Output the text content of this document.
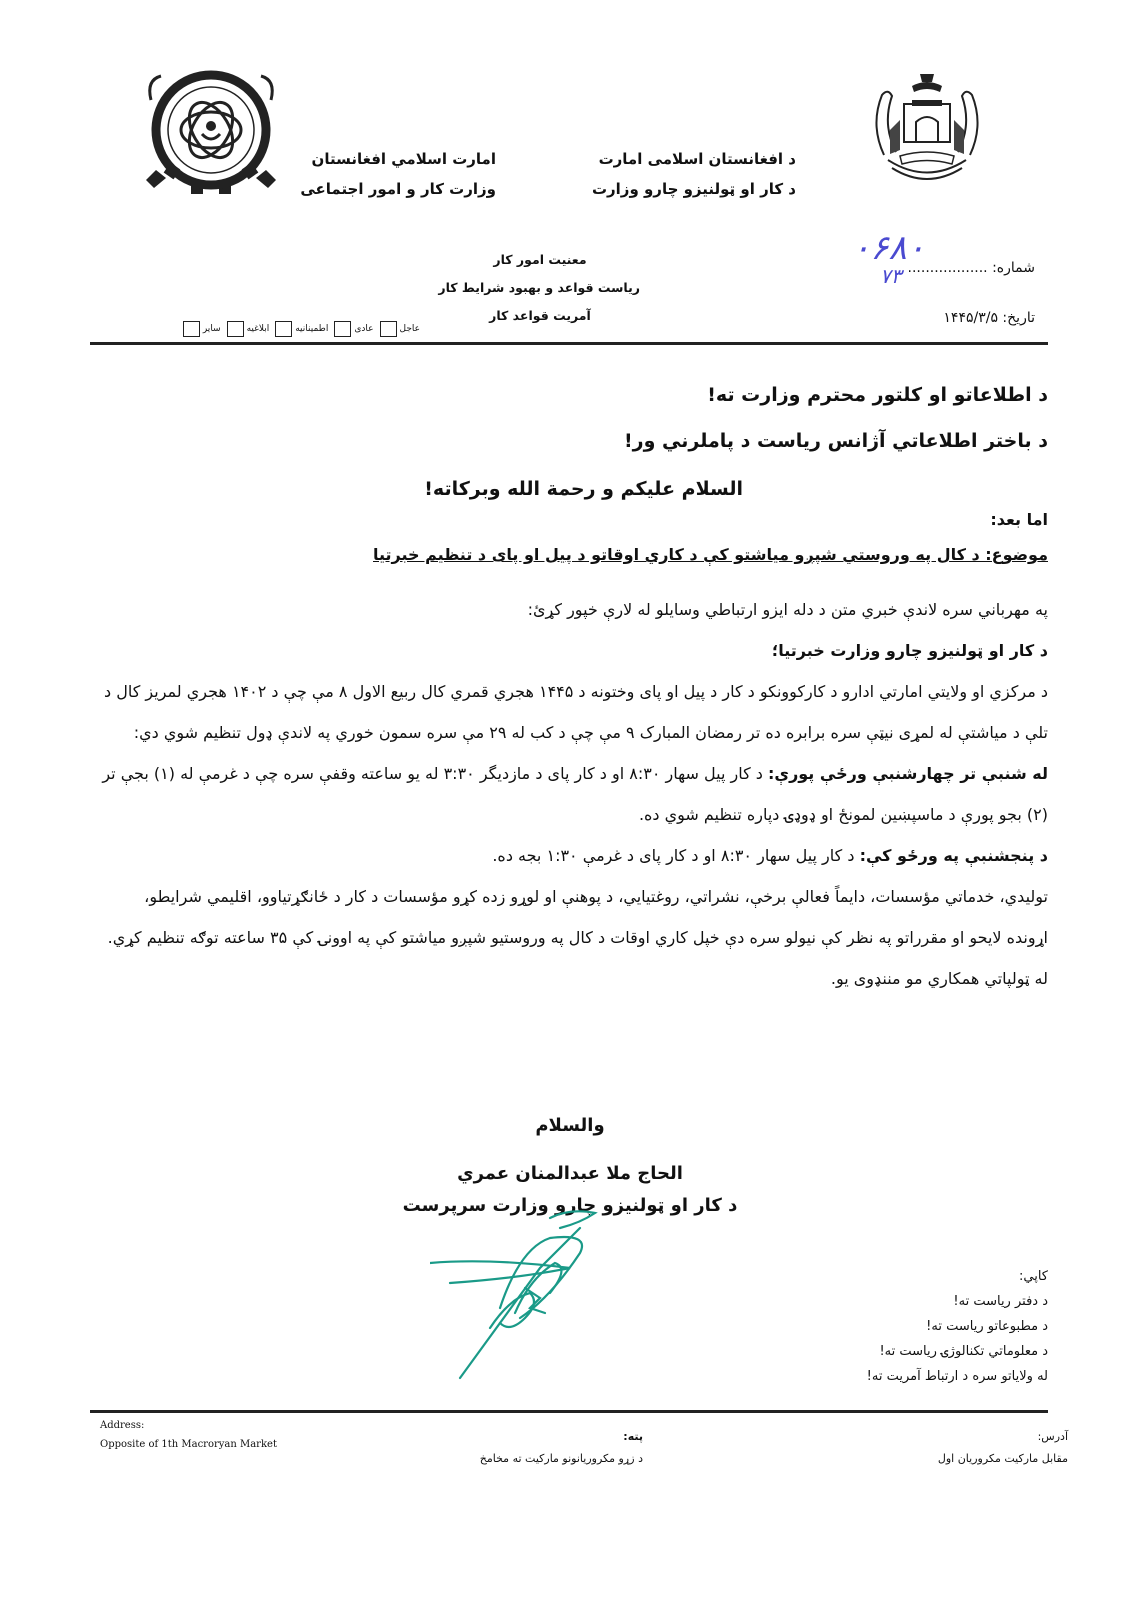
د افغانستان اسلامی امارت
د کار او ټولنیزو چارو وزارت
امارت اسلامي افغانستان
وزارت کار و امور اجتماعی
معنیت امور کار
ریاست قواعد و بهبود شرایط کار
آمریت قواعد کار
شماره: ..................
۰۶۸۰
۷۳
تاریخ: ۱۴۴۵/۳/۵
عاجل
عادی
اطمینانیه
ابلاغیه
سایر
د اطلاعاتو او کلتور محترم وزارت ته!
د باختر اطلاعاتي آژانس ریاست د پاملرني ور!
السلام علیکم و رحمة الله وبرکاته!
اما بعد:
موضوع: د کال په وروستي شپږو میاشتو کې د کاري اوقاتو د پیل او پای د تنظیم خبرتیا

په مهرباني سره لاندې خبري متن د دله ایزو ارتباطي وسایلو له لارې خپور کړئ:

د کار او ټولنیزو چارو وزارت خبرتیا؛

د مرکزي او ولایتي امارتي ادارو د کارکوونکو د کار د پیل او پای وختونه د ۱۴۴۵ هجري قمري کال ربیع الاول ۸ مې چې د ۱۴۰۲ هجري لمریز کال د تلې د میاشتې له لمړی نیټې سره برابره ده تر رمضان المبارک ۹ مې چې د کب له ۲۹ مې سره سمون خوري په لاندې ډول تنظیم شوي دي:

له شنبې تر چهارشنبې ورځې پورې: د کار پیل سهار ۸:۳۰ او د کار پای د مازدیگر ۳:۳۰ له یو ساعته وقفې سره چې د غرمې له (۱) بجې تر (۲) بجو پورې د ماسپښین لمونځ او ډوډۍ دپاره تنظیم شوي ده.

د پنجشنبې په ورځو کې: د کار پیل سهار ۸:۳۰ او د کار پای د غرمې ۱:۳۰ بجه ده.

تولیدي، خدماتي مؤسسات، دایماً فعالې برخې، نشراتي، روغتیایي، د پوهنې او لوړو زده کړو مؤسسات د کار د ځانګړتیاوو، اقلیمي شرایطو، اړونده لایحو او مقرراتو په نظر کې نیولو سره دې خپل کاري اوقات د کال په وروستیو شپږو میاشتو کې په اوونۍ کې ۳۵ ساعته توګه تنظیم کړي.

له ټولپاتي همکاري مو مننډوی یو.

والسلام
الحاج ملا عبدالمنان عمري
د کار او ټولنیزو چارو وزارت سرپرست
کاپي:
د دفتر ریاست ته!
د مطبوعاتو ریاست ته!
د معلوماتي تکنالوژۍ ریاست ته!
له ولایاتو سره د ارتباط آمریت ته!
Address:
Opposite of 1th Macroryan Market
پته:
د زړو مکروریانونو مارکیت ته مخامخ
آدرس:
مقابل مارکیت مکروریان اول
